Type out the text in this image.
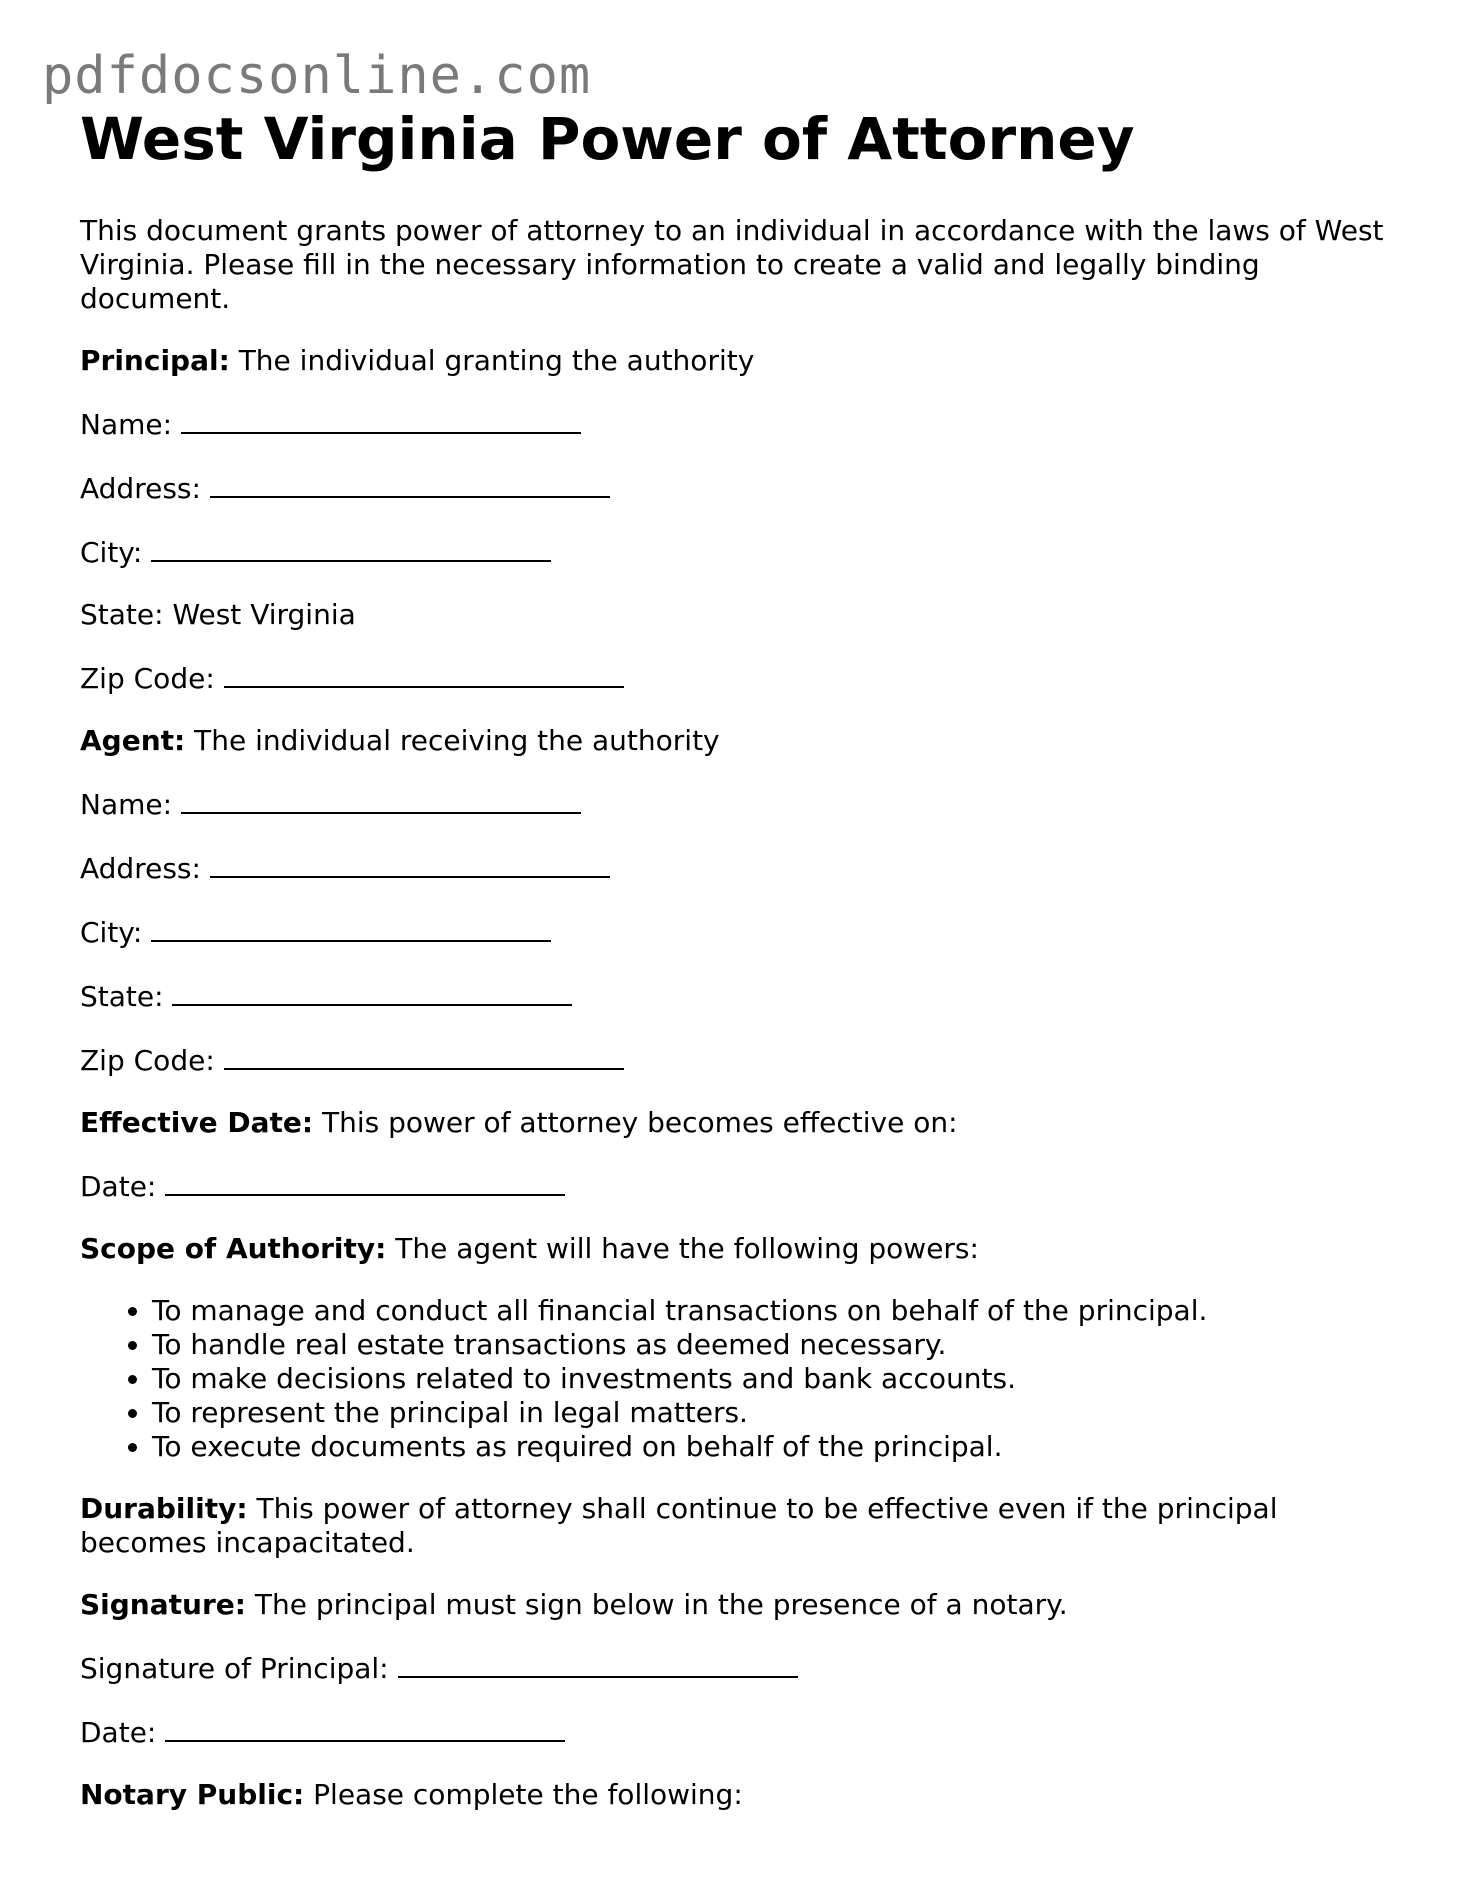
pdfdocsonline.com
West Virginia Power of Attorney

This document grants power of attorney to an individual in accordance with the laws of West Virginia. Please fill in the necessary information to create a valid and legally binding document.

Principal: The individual granting the authority

Name:

Address:

City:

State: West Virginia

Zip Code:

Agent: The individual receiving the authority

Name:

Address:

City:

State:

Zip Code:

Effective Date: This power of attorney becomes effective on:

Date:

Scope of Authority: The agent will have the following powers:

• To manage and conduct all financial transactions on behalf of the principal.
• To handle real estate transactions as deemed necessary.
• To make decisions related to investments and bank accounts.
• To represent the principal in legal matters.
• To execute documents as required on behalf of the principal.

Durability: This power of attorney shall continue to be effective even if the principal becomes incapacitated.

Signature: The principal must sign below in the presence of a notary.

Signature of Principal:

Date:

Notary Public: Please complete the following:
